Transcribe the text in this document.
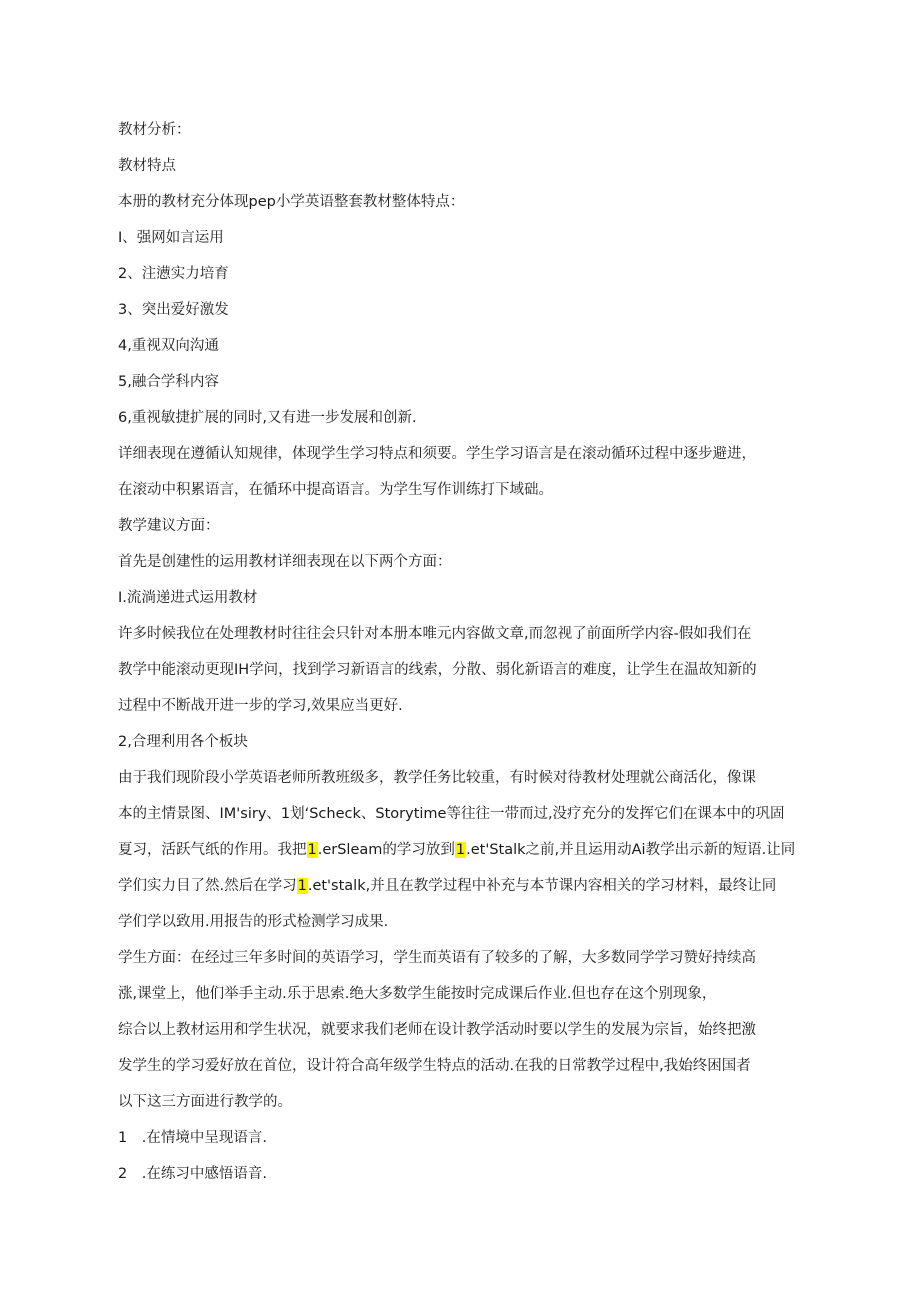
教材分析：
教材特点
本册的教材充分体现pep小学英语整套教材整体特点：
I、强网如言运用
2、注懑实力培育
3、突出爱好激发
4,重视双向沟通
5,融合学科内容
6,重视敏捷扩展的同时,又有进一步发展和创新.
详细表现在遵循认知规律，体现学生学习特点和须要。学生学习语言是在滚动循环过程中逐步避进，
在滚动中积累语言，在循环中提高语言。为学生写作训练打下域础。
教学建议方面：
首先是创建性的运用教材详细表现在以下两个方面：
I.流淌递进式运用教材
许多时候我位在处理教材时往往会只针对本册本唯元内容做文章,而忽视了前面所学内容-假如我们在
教学中能滚动更现IH学问，找到学习新语言的线索，分散、弱化新语言的难度，让学生在温故知新的
过程中不断战开进一步的学习,效果应当更好.
2,合理利用各个板块
由于我们现阶段小学英语老师所教班级多，教学任务比较重，有时候对待教材处理就公商活化，像课
本的主情景图、IM'siry、1划‘Scheck、Storytime等往往一带而过,没疗充分的发挥它们在课本中的巩固
夏习，活跃气纸的作用。我把1.erSleam的学习放到1.et'Stalk之前,并且运用动Ai教学出示新的短语.让同
学们实力目了然.然后在学习1.et'stalk,并且在教学过程中补充与本节课内容相关的学习材料，最终让同
学们学以致用.用报告的形式检测学习成果.
学生方面：在经过三年多时间的英语学习，学生而英语有了较多的了解，大多数同学学习赞好持续高
涨,课堂上，他们举手主动.乐于思索.绝大多数学生能按时完成课后作业.但也存在这个别现象，
综合以上教材运用和学生状况，就要求我们老师在设计教学活动时要以学生的发展为宗旨，始终把激
发学生的学习爱好放在首位，设计符合高年级学生特点的活动.在我的日常教学过程中,我始终困国者
以下这三方面进行教学的。
1　.在情境中呈现语言.
2　.在练习中感悟语音.
